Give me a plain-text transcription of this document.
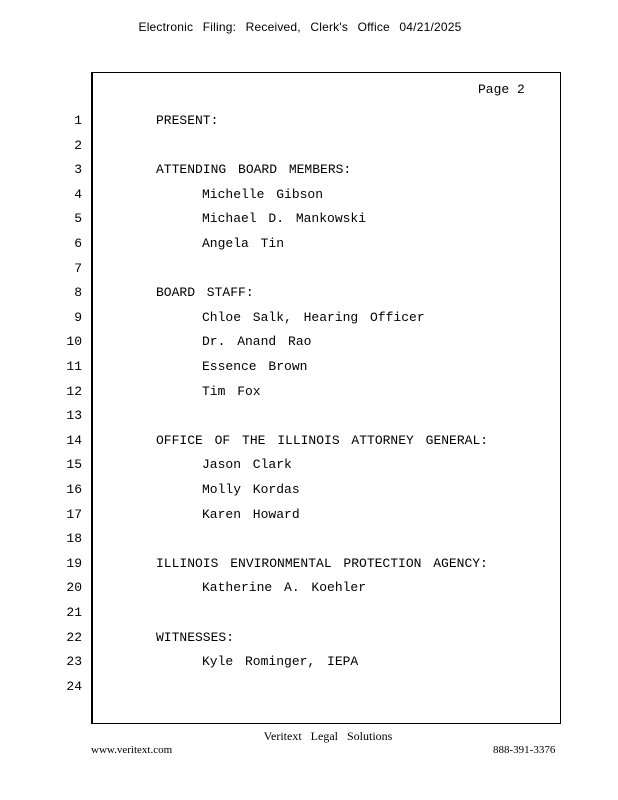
Electronic Filing: Received, Clerk's Office 04/21/2025
Page 2
1	PRESENT:
2
3	ATTENDING BOARD MEMBERS:
4	Michelle Gibson
5	Michael D. Mankowski
6	Angela Tin
7
8	BOARD STAFF:
9	Chloe Salk, Hearing Officer
10	Dr. Anand Rao
11	Essence Brown
12	Tim Fox
13
14	OFFICE OF THE ILLINOIS ATTORNEY GENERAL:
15	Jason Clark
16	Molly Kordas
17	Karen Howard
18
19	ILLINOIS ENVIRONMENTAL PROTECTION AGENCY:
20	Katherine A. Koehler
21
22	WITNESSES:
23	Kyle Rominger, IEPA
24
Veritext Legal Solutions
www.veritext.com	888-391-3376
